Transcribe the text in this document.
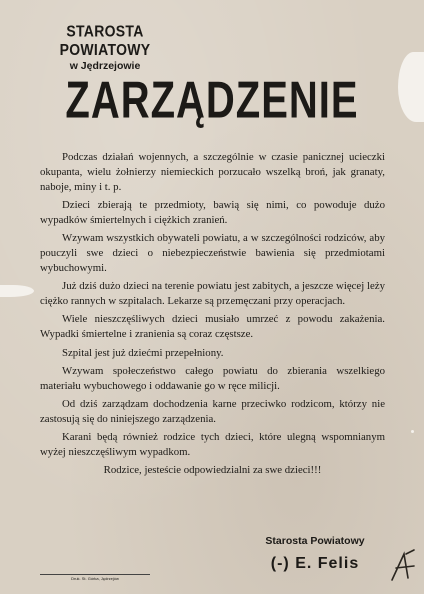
STAROSTA POWIATOWY
w Jędrzejowie
ZARZĄDZENIE

Podczas działań wojennych, a szczególnie w czasie panicznej ucieczki okupanta, wielu żołnierzy niemieckich porzucało wszelką broń, jak granaty, naboje, miny i t. p.

Dzieci zbierają te przedmioty, bawią się nimi, co powoduje dużo wypadków śmiertelnych i ciężkich zranień.

Wzywam wszystkich obywateli powiatu, a w szczególności rodziców, aby pouczyli swe dzieci o niebezpieczeństwie bawienia się przedmiotami wybuchowymi.

Już dziś dużo dzieci na terenie powiatu jest zabitych, a jeszcze więcej leży ciężko rannych w szpitalach. Lekarze są przemęczani przy operacjach.

Wiele nieszczęśliwych dzieci musiało umrzeć z powodu zakażenia. Wypadki śmiertelne i zranienia są coraz częstsze.

Szpital jest już dziećmi przepełniony.

Wzywam społeczeństwo całego powiatu do zbierania wszelkiego materiału wybuchowego i oddawanie go w ręce milicji.

Od dziś zarządzam dochodzenia karne przeciwko rodzicom, którzy nie zastosują się do niniejszego zarządzenia.

Karani będą również rodzice tych dzieci, które ulegną wspomnianym wyżej nieszczęśliwym wypadkom.

Rodzice, jesteście odpowiedzialni za swe dzieci!!!

Starosta Powiatowy
(-) E. Felis
Druk. St. Górka, Jędrzejów
